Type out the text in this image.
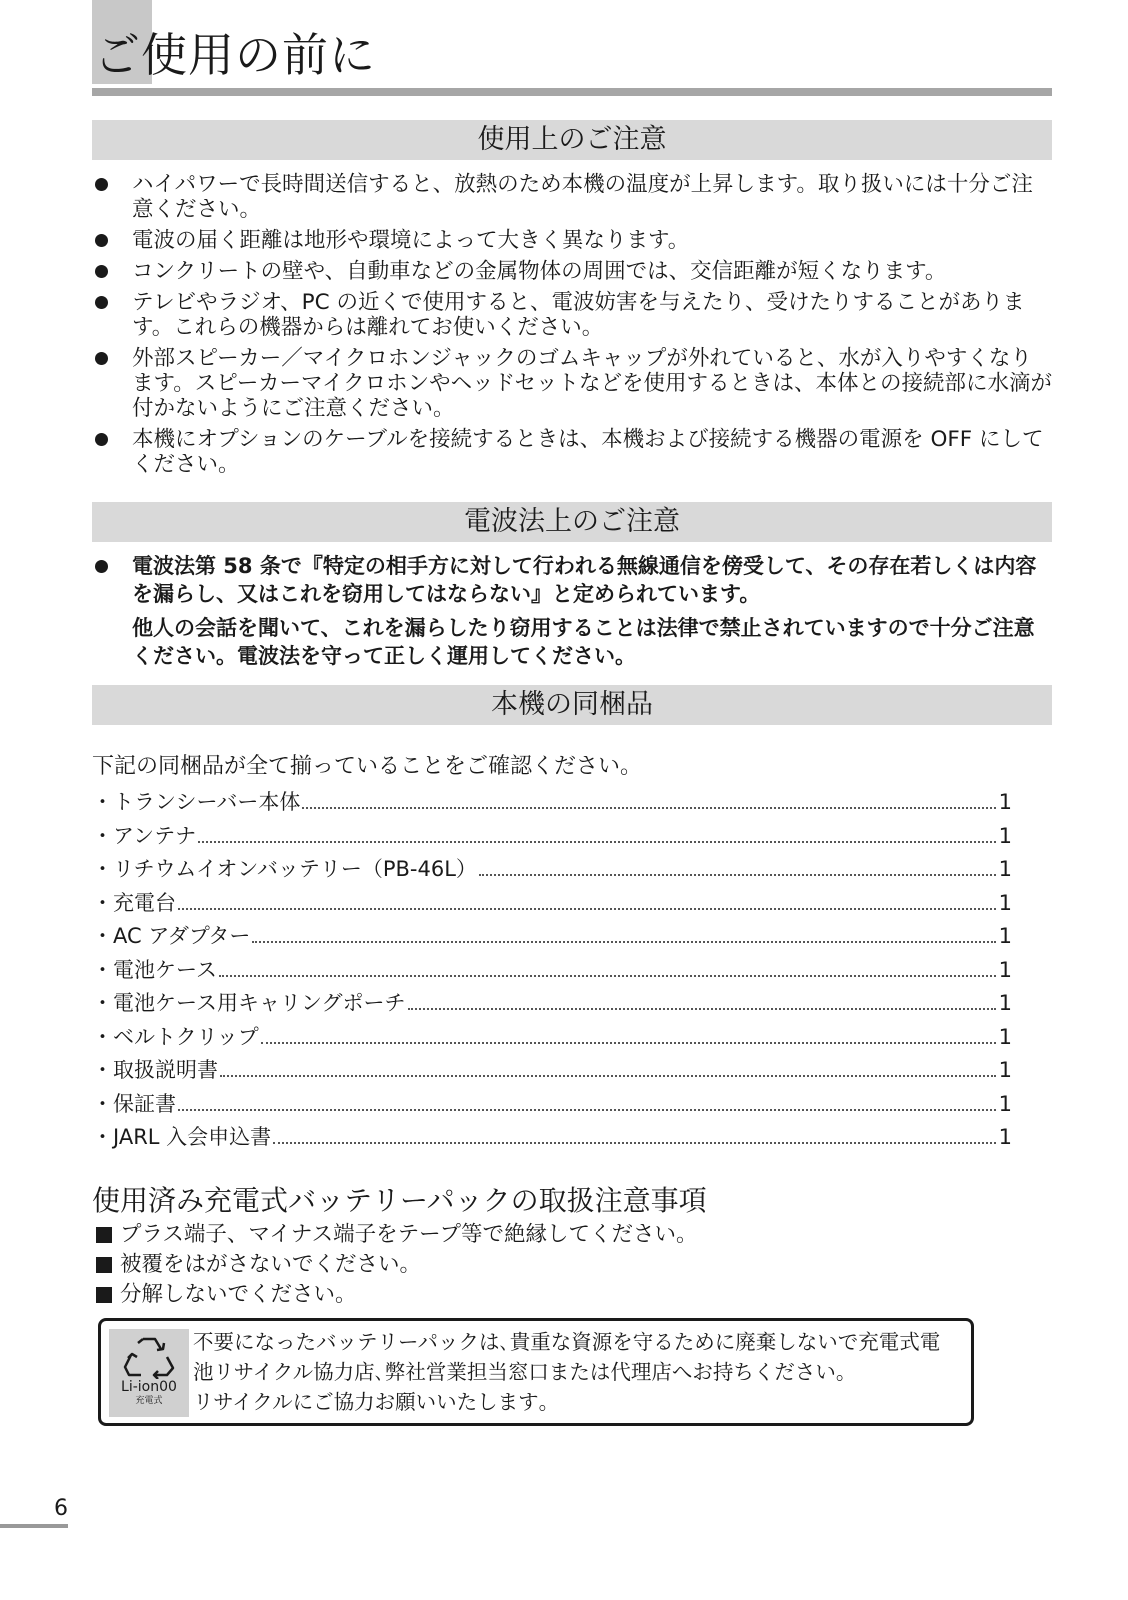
ご使用の前に
使用上のご注意
ハイパワーで長時間送信すると、放熱のため本機の温度が上昇します。取り扱いには十分ご注意ください。
電波の届く距離は地形や環境によって大きく異なります。
コンクリートの壁や、自動車などの金属物体の周囲では、交信距離が短くなります。
テレビやラジオ、PC の近くで使用すると、電波妨害を与えたり、受けたりすることがあります。これらの機器からは離れてお使いください。
外部スピーカー／マイクロホンジャックのゴムキャップが外れていると、水が入りやすくなります。スピーカーマイクロホンやヘッドセットなどを使用するときは、本体との接続部に水滴が付かないようにご注意ください。
本機にオプションのケーブルを接続するときは、本機および接続する機器の電源を OFF にしてください。
電波法上のご注意
電波法第 58 条で『特定の相手方に対して行われる無線通信を傍受して、その存在若しくは内容を漏らし、又はこれを窃用してはならない』と定められています。
他人の会話を聞いて、これを漏らしたり窃用することは法律で禁止されていますので十分ご注意ください。電波法を守って正しく運用してください。
本機の同梱品

下記の同梱品が全て揃っていることをご確認ください。

・トランシーバー本体	1
・アンテナ	1
・リチウムイオンバッテリー（PB-46L）	1
・充電台	1
・AC アダプター	1
・電池ケース	1
・電池ケース用キャリングポーチ	1
・ベルトクリップ	1
・取扱説明書	1
・保証書	1
・JARL 入会申込書	1
使用済み充電式バッテリーパックの取扱注意事項
プラス端子、マイナス端子をテープ等で絶縁してください。
被覆をはがさないでください。
分解しないでください。
Li-ion00
充電式

不要になったバッテリーパックは､貴重な資源を守るために廃棄しないで充電式電
池リサイクル協力店､弊社営業担当窓口または代理店へお持ちください｡
リサイクルにご協力お願いいたします｡

6
